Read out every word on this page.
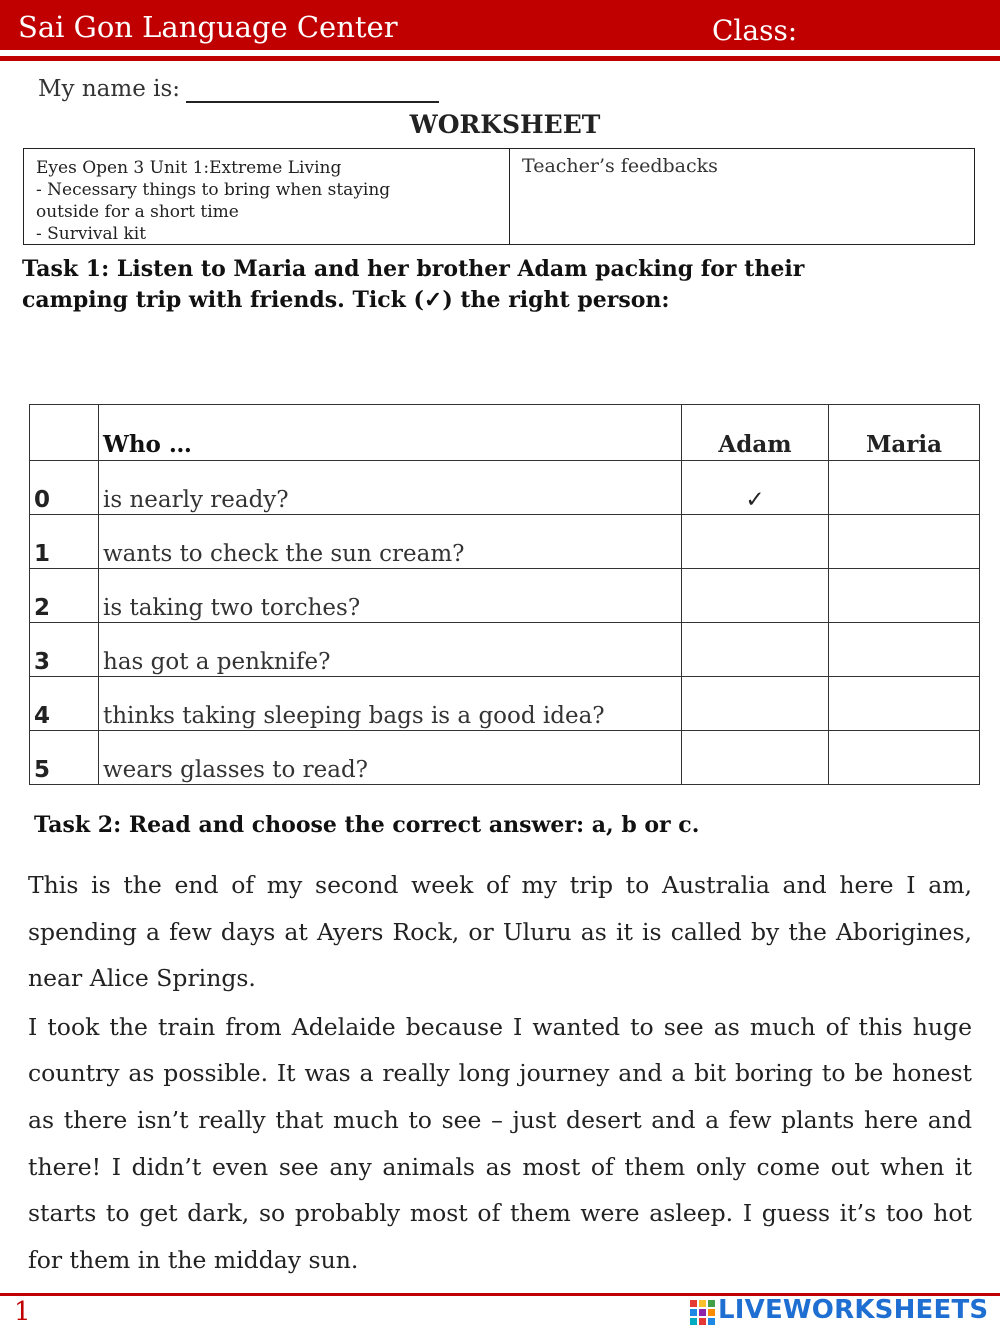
Sai Gon Language Center	Class:
My name is:
WORKSHEET
Eyes Open 3 Unit 1:Extreme Living
- Necessary things to bring when staying
outside for a short time
- Survival kit
Teacher’s feedbacks
Task 1: Listen to Maria and her brother Adam packing for their
camping trip with friends. Tick (✓) the right person:
	Who …	Adam	Maria
0	is nearly ready?	✓	
1	wants to check the sun cream?		
2	is taking two torches?		
3	has got a penknife?		
4	thinks taking sleeping bags is a good idea?		
5	wears glasses to read?		
Task 2: Read and choose the correct answer: a, b or c.

This is the end of my second week of my trip to Australia and here I am, spending a few days at Ayers Rock, or Uluru as it is called by the Aborigines, near Alice Springs.

I took the train from Adelaide because I wanted to see as much of this huge country as possible. It was a really long journey and a bit boring to be honest as there isn’t really that much to see – just desert and a few plants here and there! I didn’t even see any animals as most of them only come out when it starts to get dark, so probably most of them were asleep. I guess it’s too hot for them in the midday sun.

1	LIVEWORKSHEETS
